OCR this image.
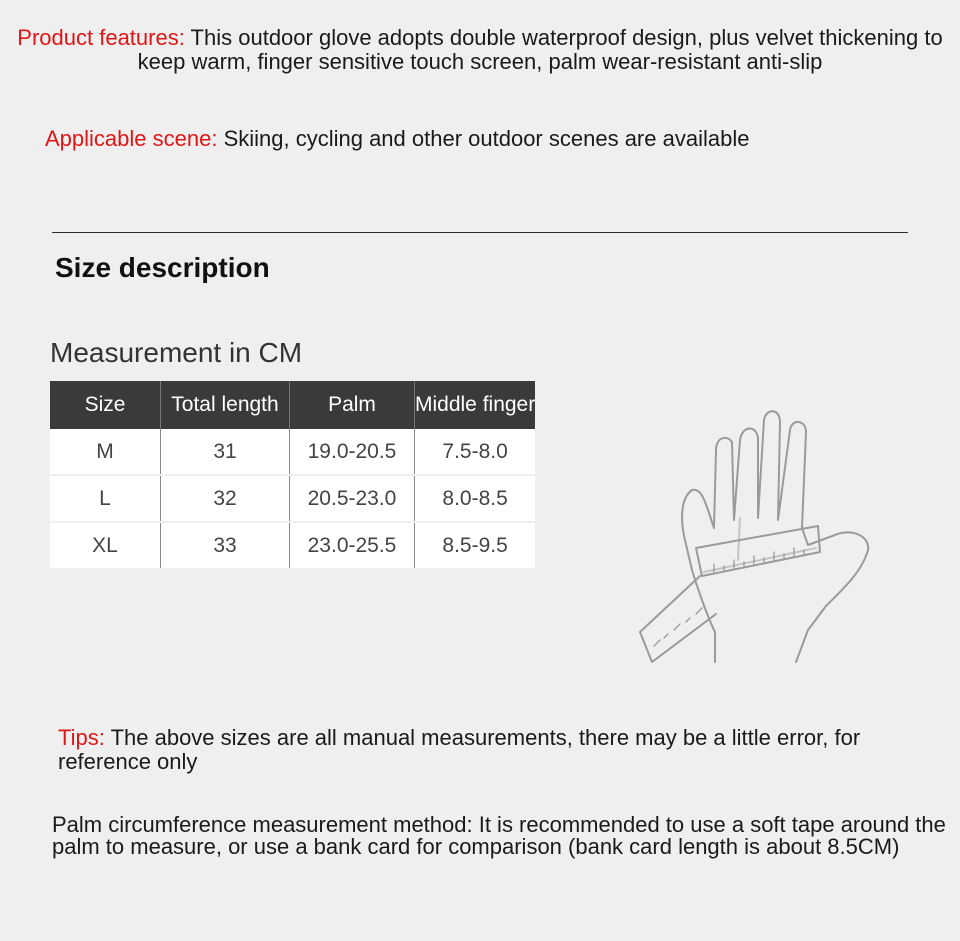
Product features: This outdoor glove adopts double waterproof design, plus velvet thickening to keep warm, finger sensitive touch screen, palm wear-resistant anti-slip
Applicable scene: Skiing, cycling and other outdoor scenes are available
Size description
Measurement in CM
Size	Total length	Palm	Middle finger
M	31	19.0-20.5	7.5-8.0
L	32	20.5-23.0	8.0-8.5
XL	33	23.0-25.5	8.5-9.5
Tips: The above sizes are all manual measurements, there may be a little error, for reference only
Palm circumference measurement method: It is recommended to use a soft tape around the palm to measure, or use a bank card for comparison (bank card length is about 8.5CM)
